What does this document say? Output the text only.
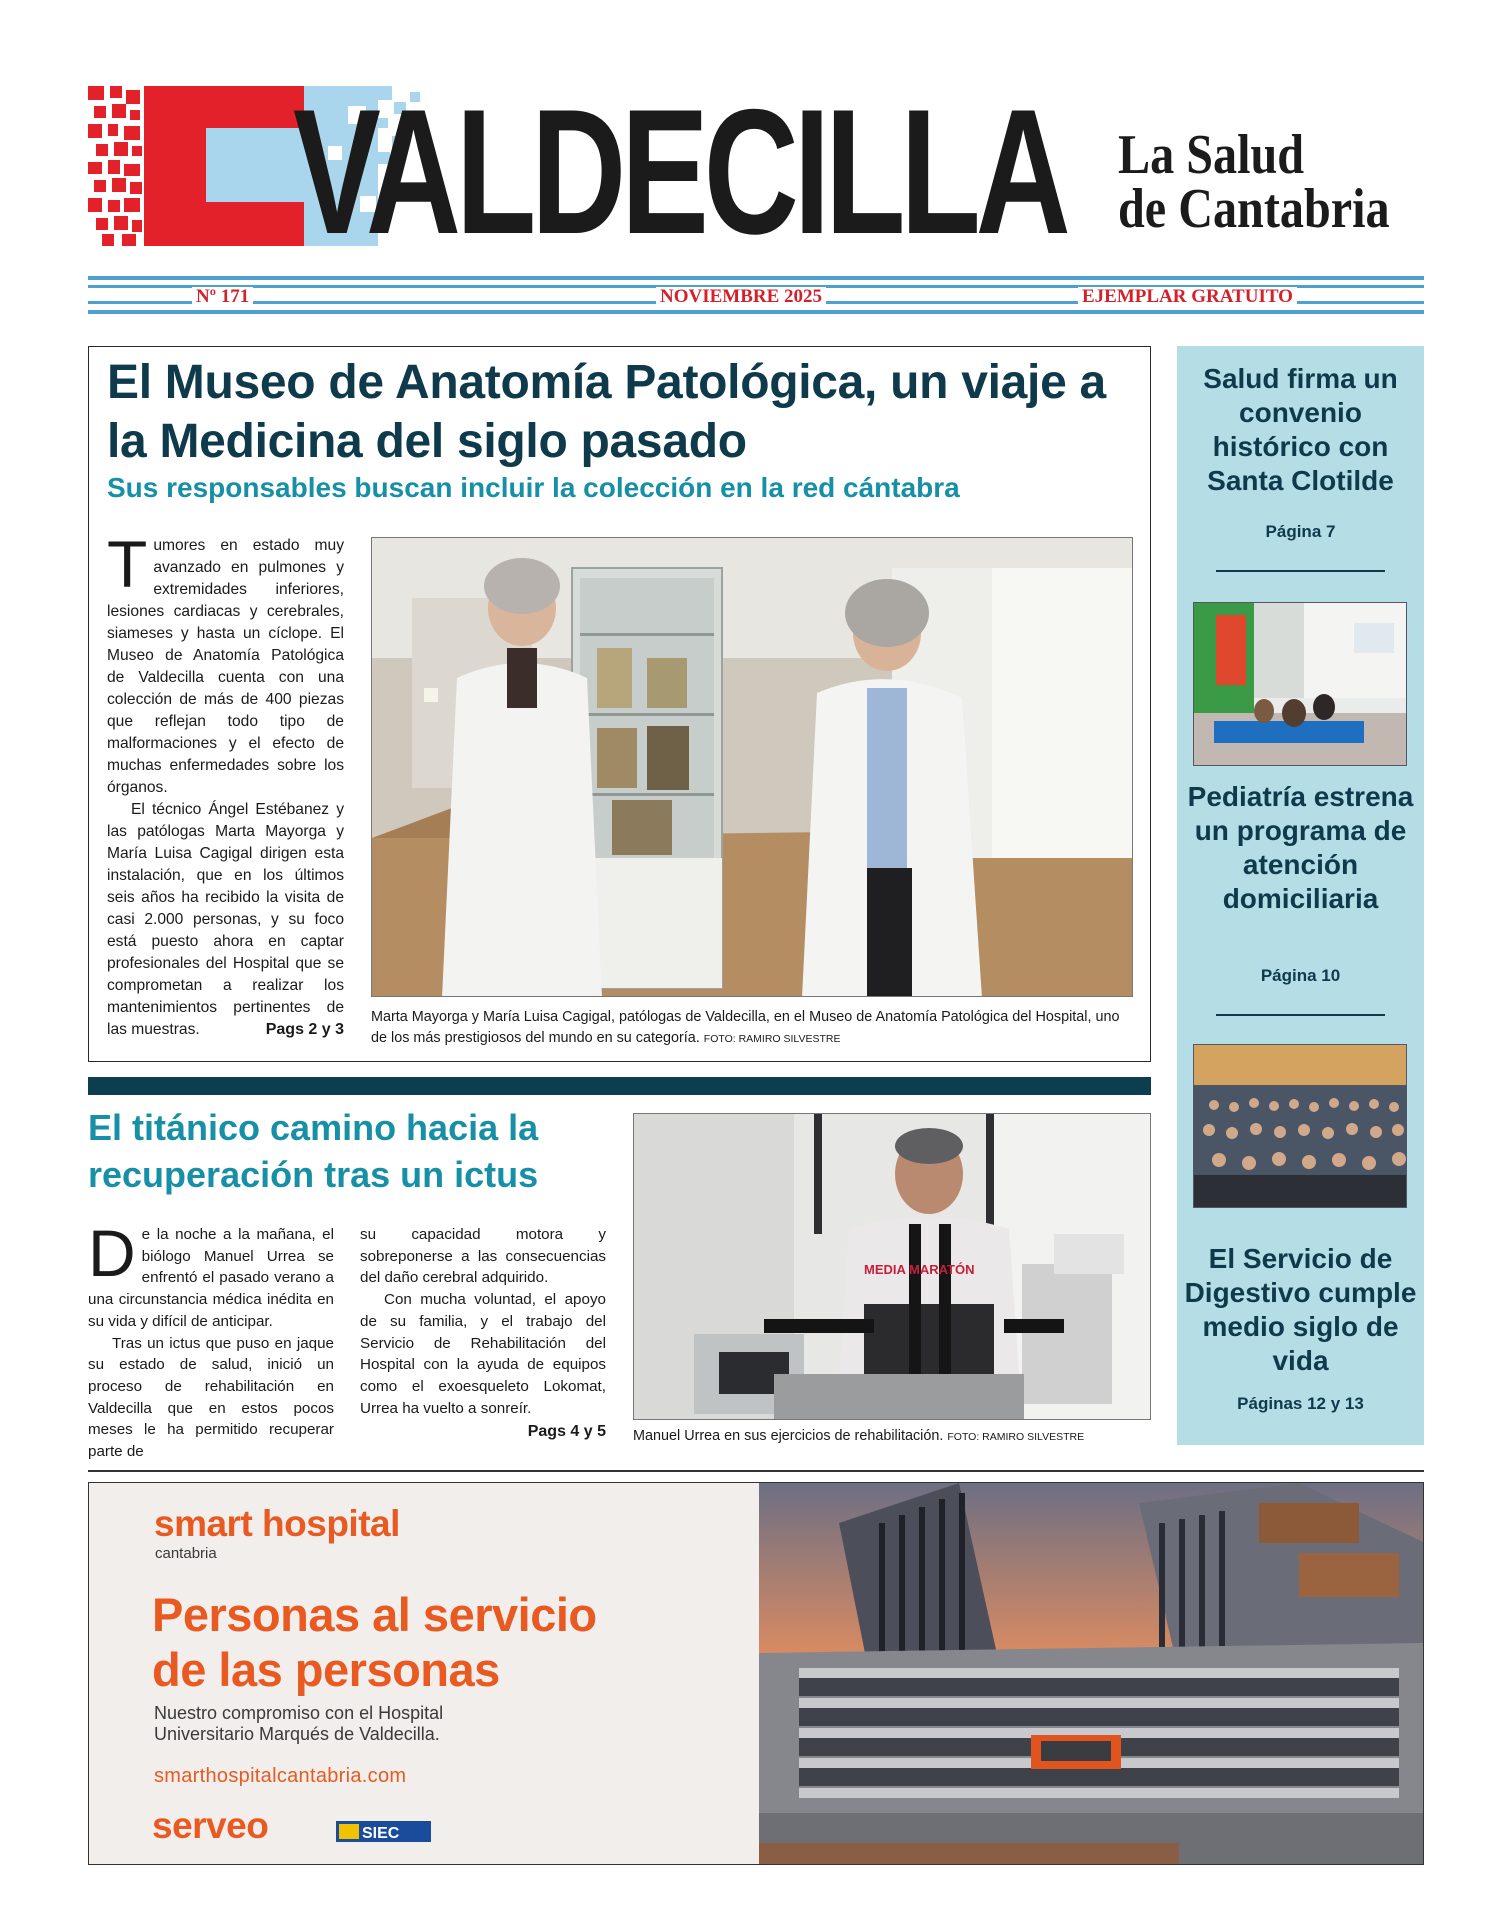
VALDECILLA La Salud
de Cantabria
Nº 171	NOVIEMBRE 2025	EJEMPLAR GRATUITO
El Museo de Anatomía Patológica, un viaje a la Medicina del siglo pasado
Sus responsables buscan incluir la colección en la red cántabra

Tumores en estado muy avanzado en pulmones y extremidades inferiores, lesiones cardiacas y cerebrales, siameses y hasta un cíclope. El Museo de Anatomía Patológica de Valdecilla cuenta con una colección de más de 400 piezas que reflejan todo tipo de malformaciones y el efecto de muchas enfermedades sobre los órganos.

El técnico Ángel Estébanez y las patólogas Marta Mayorga y María Luisa Cagigal dirigen esta instalación, que en los últimos seis años ha recibido la visita de casi 2.000 personas, y su foco está puesto ahora en captar profesionales del Hospital que se comprometan a realizar los mantenimientos pertinentes de las muestras.	Pags 2 y 3

Marta Mayorga y María Luisa Cagigal, patólogas de Valdecilla, en el Museo de Anatomía Patológica del Hospital, uno de los más prestigiosos del mundo en su categoría. FOTO: RAMIRO SILVESTRE
El titánico camino hacia la recuperación tras un ictus

De la noche a la mañana, el biólogo Manuel Urrea se enfrentó el pasado verano a una circunstancia médica inédita en su vida y difícil de anticipar.

Tras un ictus que puso en jaque su estado de salud, inició un proceso de rehabilitación en Valdecilla que en estos pocos meses le ha permitido recuperar parte de

su capacidad motora y sobreponerse a las consecuencias del daño cerebral adquirido.

Con mucha voluntad, el apoyo de su familia, y el trabajo del Servicio de Rehabilitación del Hospital con la ayuda de equipos como el exoesqueleto Lokomat, Urrea ha vuelto a sonreír.

Pags 4 y 5
MEDIA MARATÓN
Manuel Urrea en sus ejercicios de rehabilitación. FOTO: RAMIRO SILVESTRE
Salud firma un convenio histórico con Santa Clotilde
Página 7
Pediatría estrena un programa de atención domiciliaria
Página 10
El Servicio de Digestivo cumple medio siglo de vida
Páginas 12 y 13
smart hospital
cantabria
Personas al servicio
de las personas
Nuestro compromiso con el Hospital
Universitario Marqués de Valdecilla.
smarthospitalcantabria.com
serveo	SIEC
